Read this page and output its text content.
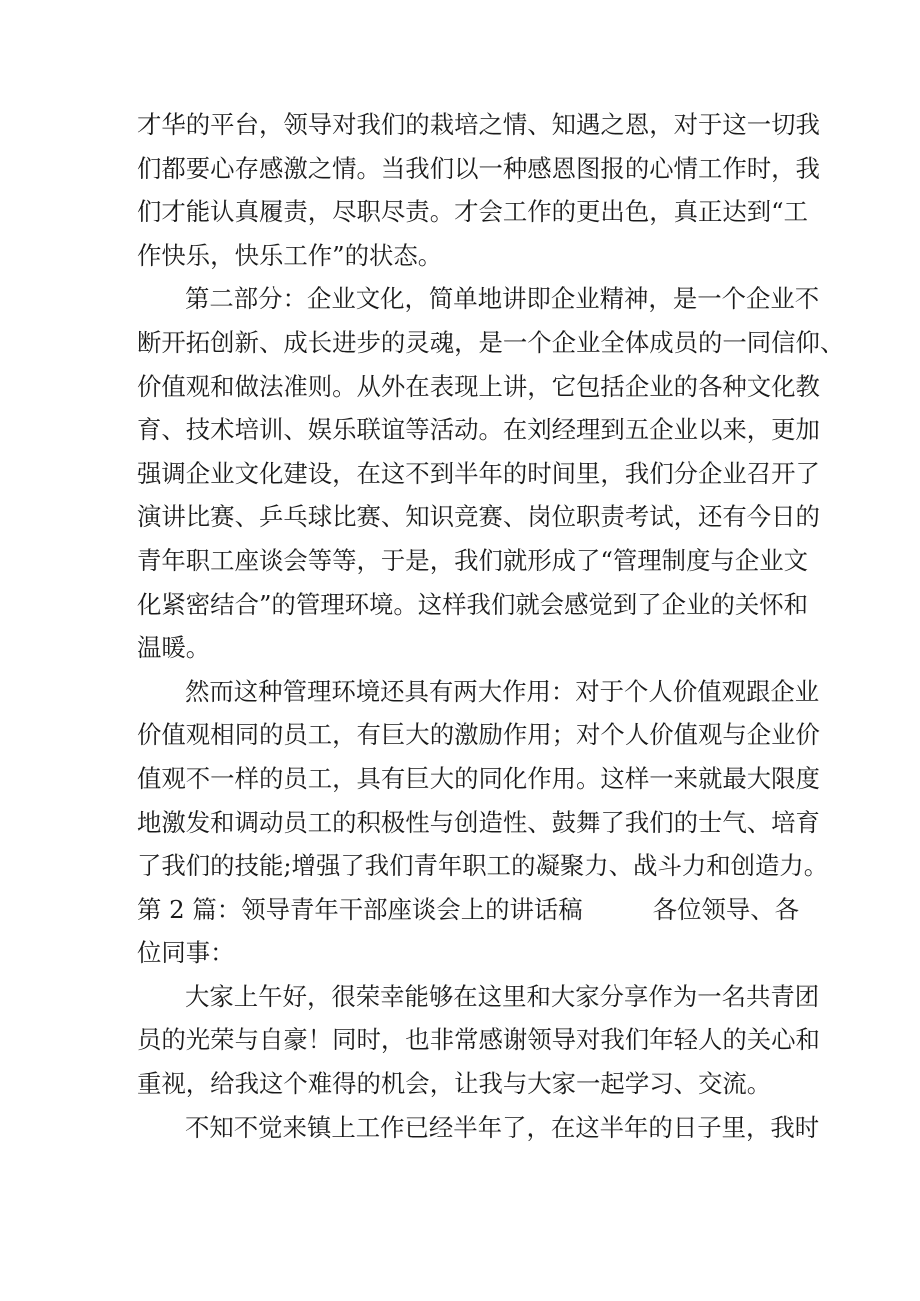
才华的平台，领导对我们的栽培之情、知遇之恩，对于这一切我
们都要心存感激之情。当我们以一种感恩图报的心情工作时，我
们才能认真履责，尽职尽责。才会工作的更出色，真正达到“工
作快乐，快乐工作”的状态。
第二部分：企业文化，简单地讲即企业精神，是一个企业不
断开拓创新、成长进步的灵魂，是一个企业全体成员的一同信仰、
价值观和做法准则。从外在表现上讲，它包括企业的各种文化教
育、技术培训、娱乐联谊等活动。在刘经理到五企业以来，更加
强调企业文化建设，在这不到半年的时间里，我们分企业召开了
演讲比赛、乒乓球比赛、知识竞赛、岗位职责考试，还有今日的
青年职工座谈会等等，于是，我们就形成了“管理制度与企业文
化紧密结合”的管理环境。这样我们就会感觉到了企业的关怀和
温暖。
然而这种管理环境还具有两大作用：对于个人价值观跟企业
价值观相同的员工，有巨大的激励作用；对个人价值观与企业价
值观不一样的员工，具有巨大的同化作用。这样一来就最大限度
地激发和调动员工的积极性与创造性、鼓舞了我们的士气、培育
了我们的技能;增强了我们青年职工的凝聚力、战斗力和创造力。
第 2 篇：领导青年干部座谈会上的讲话稿	各位领导、各
位同事：
大家上午好，很荣幸能够在这里和大家分享作为一名共青团
员的光荣与自豪！同时，也非常感谢领导对我们年轻人的关心和
重视，给我这个难得的机会，让我与大家一起学习、交流。
不知不觉来镇上工作已经半年了，在这半年的日子里，我时
